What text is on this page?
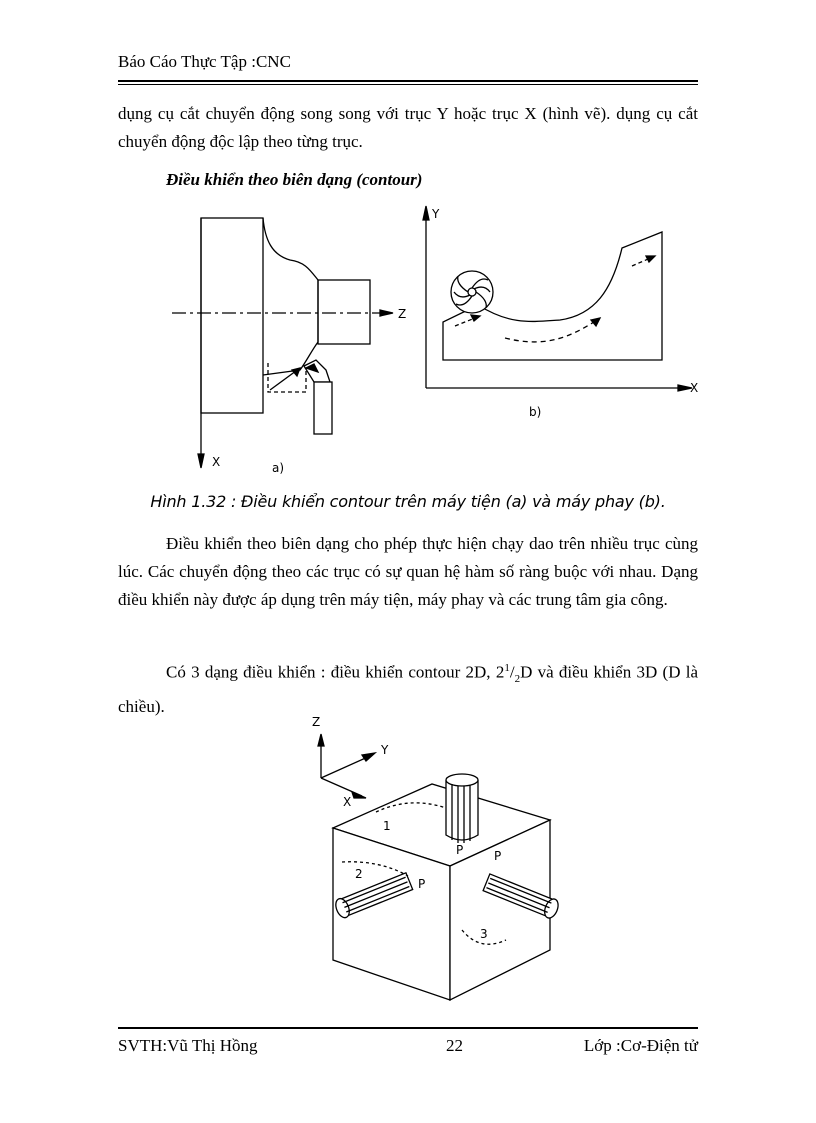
Báo Cáo Thực Tập :CNC

dụng cụ cắt chuyển động song song với trục Y hoặc trục X (hình vẽ). dụng cụ cắt chuyển động độc lập theo từng trục.

Điều khiển theo biên dạng (contour)
Z
X
Y
X
a)
b)
Hình 1.32 : Điều khiển contour trên máy tiện (a) và máy phay (b).

Điều khiển theo biên dạng cho phép thực hiện chạy dao trên nhiều trục cùng lúc. Các chuyển động theo các trục có sự quan hệ hàm số ràng buộc với nhau. Dạng điều khiển này được áp dụng trên máy tiện, máy phay và các trung tâm gia công.

Có 3 dạng điều khiển : điều khiển contour 2D, $2^1/_2D$ và điều khiển 3D (D là chiều).

Z
Y
X
1
2
3
P
P
P
SVTH:Vũ Thị Hồng	22	Lớp :Cơ-Điện tử
